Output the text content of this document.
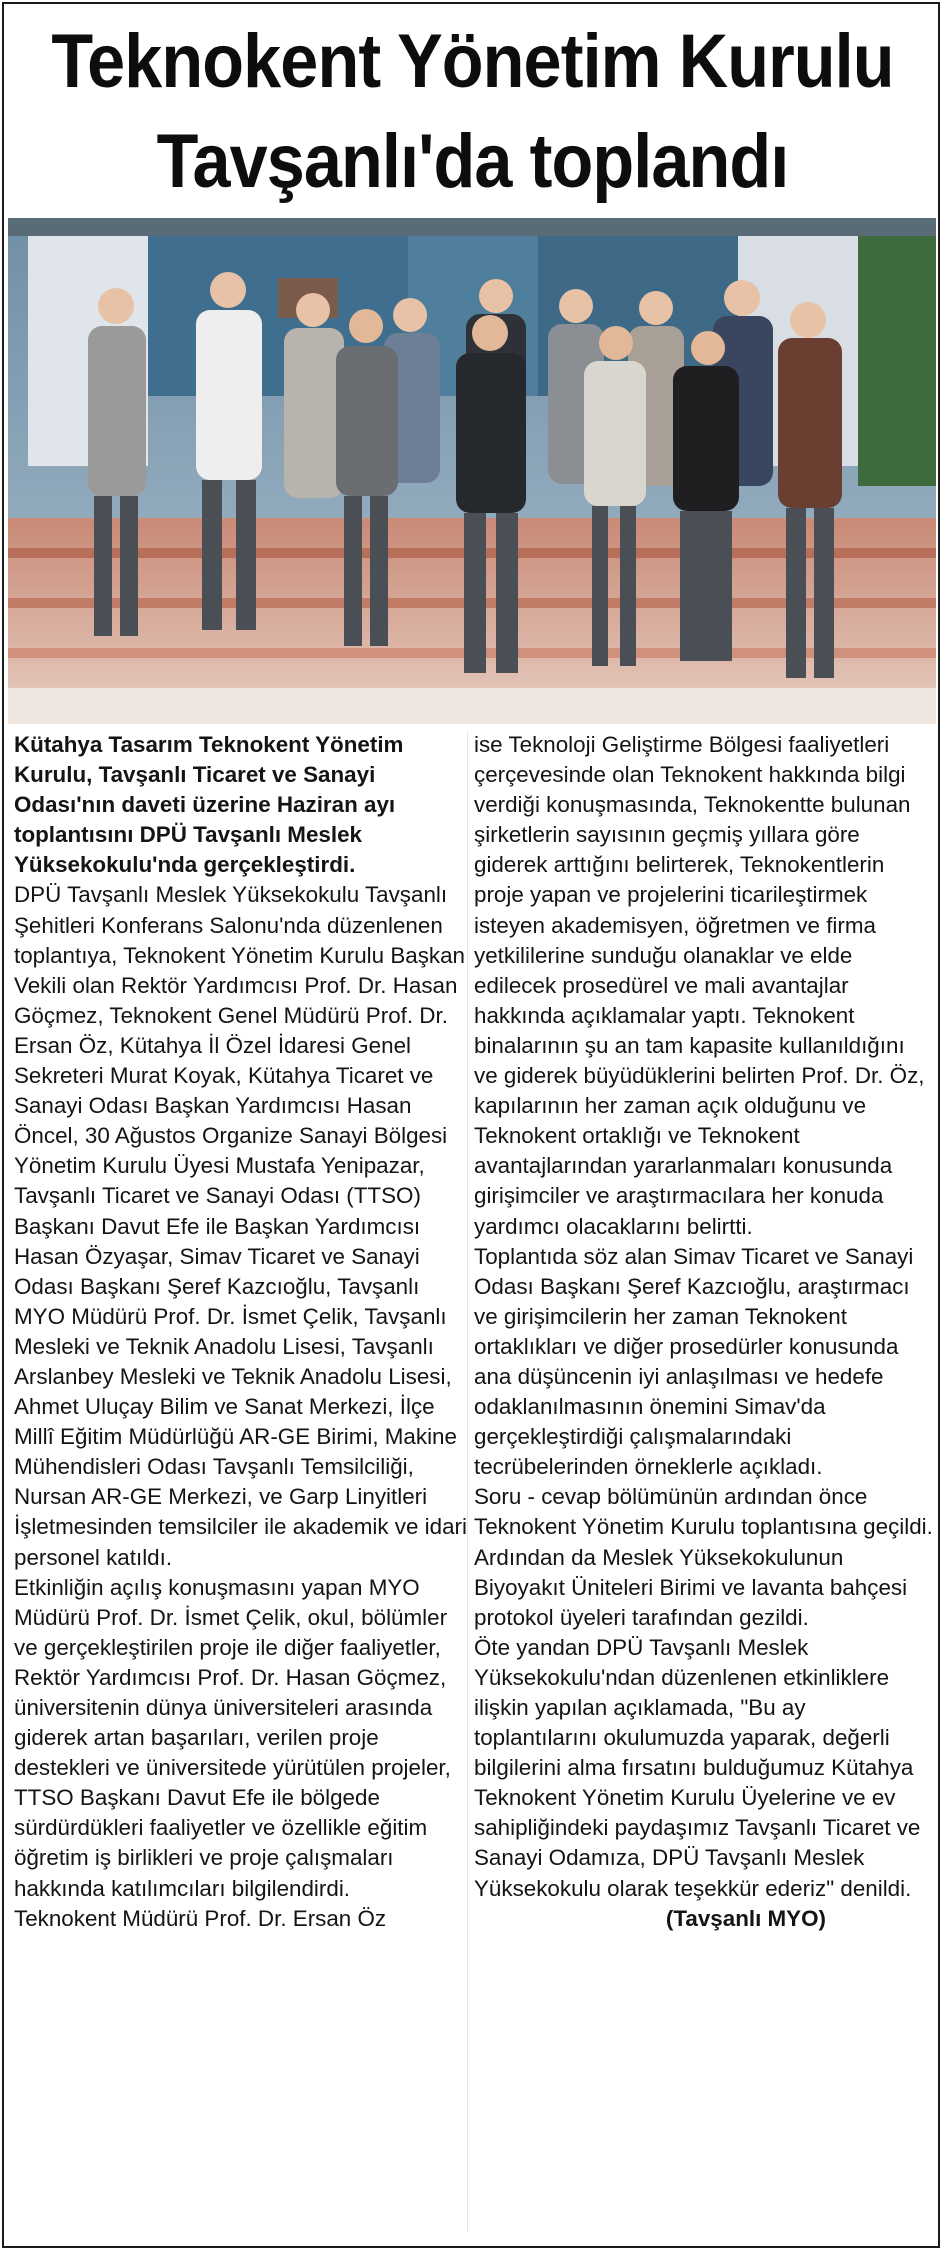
Teknokent Yönetim Kurulu
Tavşanlı'da toplandı

Kütahya Tasarım Teknokent Yönetim Kurulu, Tavşanlı Ticaret ve Sanayi Odası'nın daveti üzerine Haziran ayı toplantısını DPÜ Tavşanlı Meslek Yüksekokulu'nda gerçekleştirdi.

DPÜ Tavşanlı Meslek Yüksekokulu Tavşanlı Şehitleri Konferans Salonu'nda düzenlenen toplantıya, Teknokent Yönetim Kurulu Başkan Vekili olan Rektör Yardımcısı Prof. Dr. Hasan Göçmez, Teknokent Genel Müdürü Prof. Dr. Ersan Öz, Kütahya İl Özel İdaresi Genel Sekreteri Murat Koyak, Kütahya Ticaret ve Sanayi Odası Başkan Yardımcısı Hasan Öncel, 30 Ağustos Organize Sanayi Bölgesi Yönetim Kurulu Üyesi Mustafa Yenipazar, Tavşanlı Ticaret ve Sanayi Odası (TTSO) Başkanı Davut Efe ile Başkan Yardımcısı Hasan Özyaşar, Simav Ticaret ve Sanayi Odası Başkanı Şeref Kazcıoğlu, Tavşanlı MYO Müdürü Prof. Dr. İsmet Çelik, Tavşanlı Mesleki ve Teknik Anadolu Lisesi, Tavşanlı Arslanbey Mesleki ve Teknik Anadolu Lisesi, Ahmet Uluçay Bilim ve Sanat Merkezi, İlçe Millî Eğitim Müdürlüğü AR-GE Birimi, Makine Mühendisleri Odası Tavşanlı Temsilciliği, Nursan AR-GE Merkezi, ve Garp Linyitleri İşletmesinden temsilciler ile akademik ve idari personel katıldı.

Etkinliğin açılış konuşmasını yapan MYO Müdürü Prof. Dr. İsmet Çelik, okul, bölümler ve gerçekleştirilen proje ile diğer faaliyetler, Rektör Yardımcısı Prof. Dr. Hasan Göçmez, üniversitenin dünya üniversiteleri arasında giderek artan başarıları, verilen proje destekleri ve üniversitede yürütülen projeler, TTSO Başkanı Davut Efe ile bölgede sürdürdükleri faaliyetler ve özellikle eğitim öğretim iş birlikleri ve proje çalışmaları hakkında katılımcıları bilgilendirdi.

Teknokent Müdürü Prof. Dr. Ersan Öz

ise Teknoloji Geliştirme Bölgesi faaliyetleri çerçevesinde olan Teknokent hakkında bilgi verdiği konuşmasında, Teknokentte bulunan şirketlerin sayısının geçmiş yıllara göre giderek arttığını belirterek, Teknokentlerin proje yapan ve projelerini ticarileştirmek isteyen akademisyen, öğretmen ve firma yetkililerine sunduğu olanaklar ve elde edilecek prosedürel ve mali avantajlar hakkında açıklamalar yaptı. Teknokent binalarının şu an tam kapasite kullanıldığını ve giderek büyüdüklerini belirten Prof. Dr. Öz, kapılarının her zaman açık olduğunu ve Teknokent ortaklığı ve Teknokent avantajlarından yararlanmaları konusunda girişimciler ve araştırmacılara her konuda yardımcı olacaklarını belirtti.

Toplantıda söz alan Simav Ticaret ve Sanayi Odası Başkanı Şeref Kazcıoğlu, araştırmacı ve girişimcilerin her zaman Teknokent ortaklıkları ve diğer prosedürler konusunda ana düşüncenin iyi anlaşılması ve hedefe odaklanılmasının önemini Simav'da gerçekleştirdiği çalışmalarındaki tecrübelerinden örneklerle açıkladı.

Soru - cevap bölümünün ardından önce Teknokent Yönetim Kurulu toplantısına geçildi. Ardından da Meslek Yüksekokulunun Biyoyakıt Üniteleri Birimi ve lavanta bahçesi protokol üyeleri tarafından gezildi.

Öte yandan DPÜ Tavşanlı Meslek Yüksekokulu'ndan düzenlenen etkinliklere ilişkin yapılan açıklamada, "Bu ay toplantılarını okulumuzda yaparak, değerli bilgilerini alma fırsatını bulduğumuz Kütahya Teknokent Yönetim Kurulu Üyelerine ve ev sahipliğindeki paydaşımız Tavşanlı Ticaret ve Sanayi Odamıza, DPÜ Tavşanlı Meslek Yüksekokulu olarak teşekkür ederiz" denildi.

(Tavşanlı MYO)
